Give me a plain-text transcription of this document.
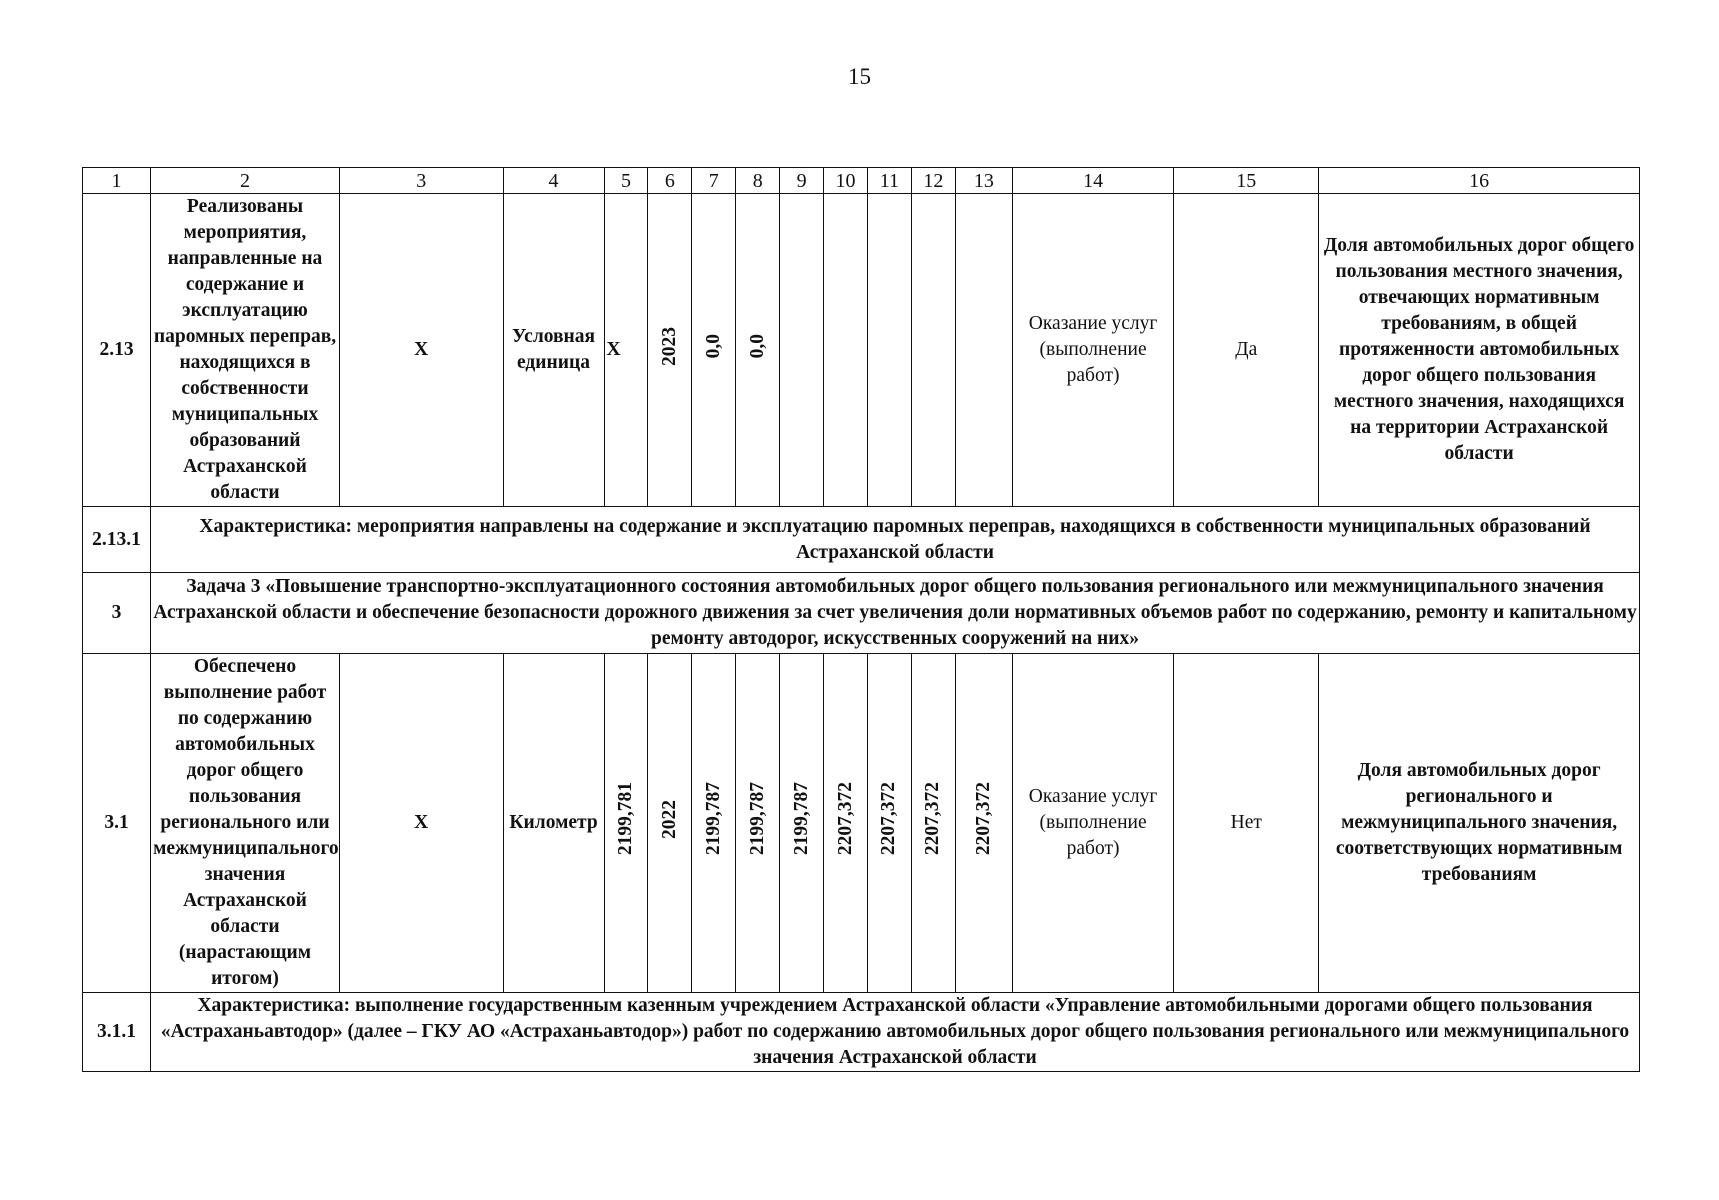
15
1	2	3	4	5	6	7	8	9	10	11	12	13	14	15	16
2.13	Реализованы мероприятия, направленные на содержание и эксплуатацию паромных переправ, находящихся в собственности муниципальных образований Астраханской области	X	Условная единица	X	2023	0,0	0,0						Оказание услуг (выполнение работ)	Да	Доля автомобильных дорог общего пользования местного значения, отвечающих нормативным требованиям, в общей протяженности автомобильных дорог общего пользования местного значения, находящихся на территории Астраханской области
2.13.1	Характеристика: мероприятия направлены на содержание и эксплуатацию паромных переправ, находящихся в собственности муниципальных образований Астраханской области														
3	Задача 3 «Повышение транспортно-эксплуатационного состояния автомобильных дорог общего пользования регионального или межмуниципального значения Астраханской области и обеспечение безопасности дорожного движения за счет увеличения доли нормативных объемов работ по содержанию, ремонту и капитальному ремонту автодорог, искусственных сооружений на них»														
3.1	Обеспечено выполнение работ по содержанию автомобильных дорог общего пользования регионального или межмуниципального значения Астраханской области (нарастающим итогом)	X	Километр	2199,781	2022	2199,787	2199,787	2199,787	2207,372	2207,372	2207,372	2207,372	Оказание услуг (выполнение работ)	Нет	Доля автомобильных дорог регионального и межмуниципального значения, соответствующих нормативным требованиям
3.1.1	Характеристика: выполнение государственным казенным учреждением Астраханской области «Управление автомобильными дорогами общего пользования «Астраханьавтодор» (далее – ГКУ АО «Астраханьавтодор») работ по содержанию автомобильных дорог общего пользования регионального или межмуниципального значения Астраханской области														
